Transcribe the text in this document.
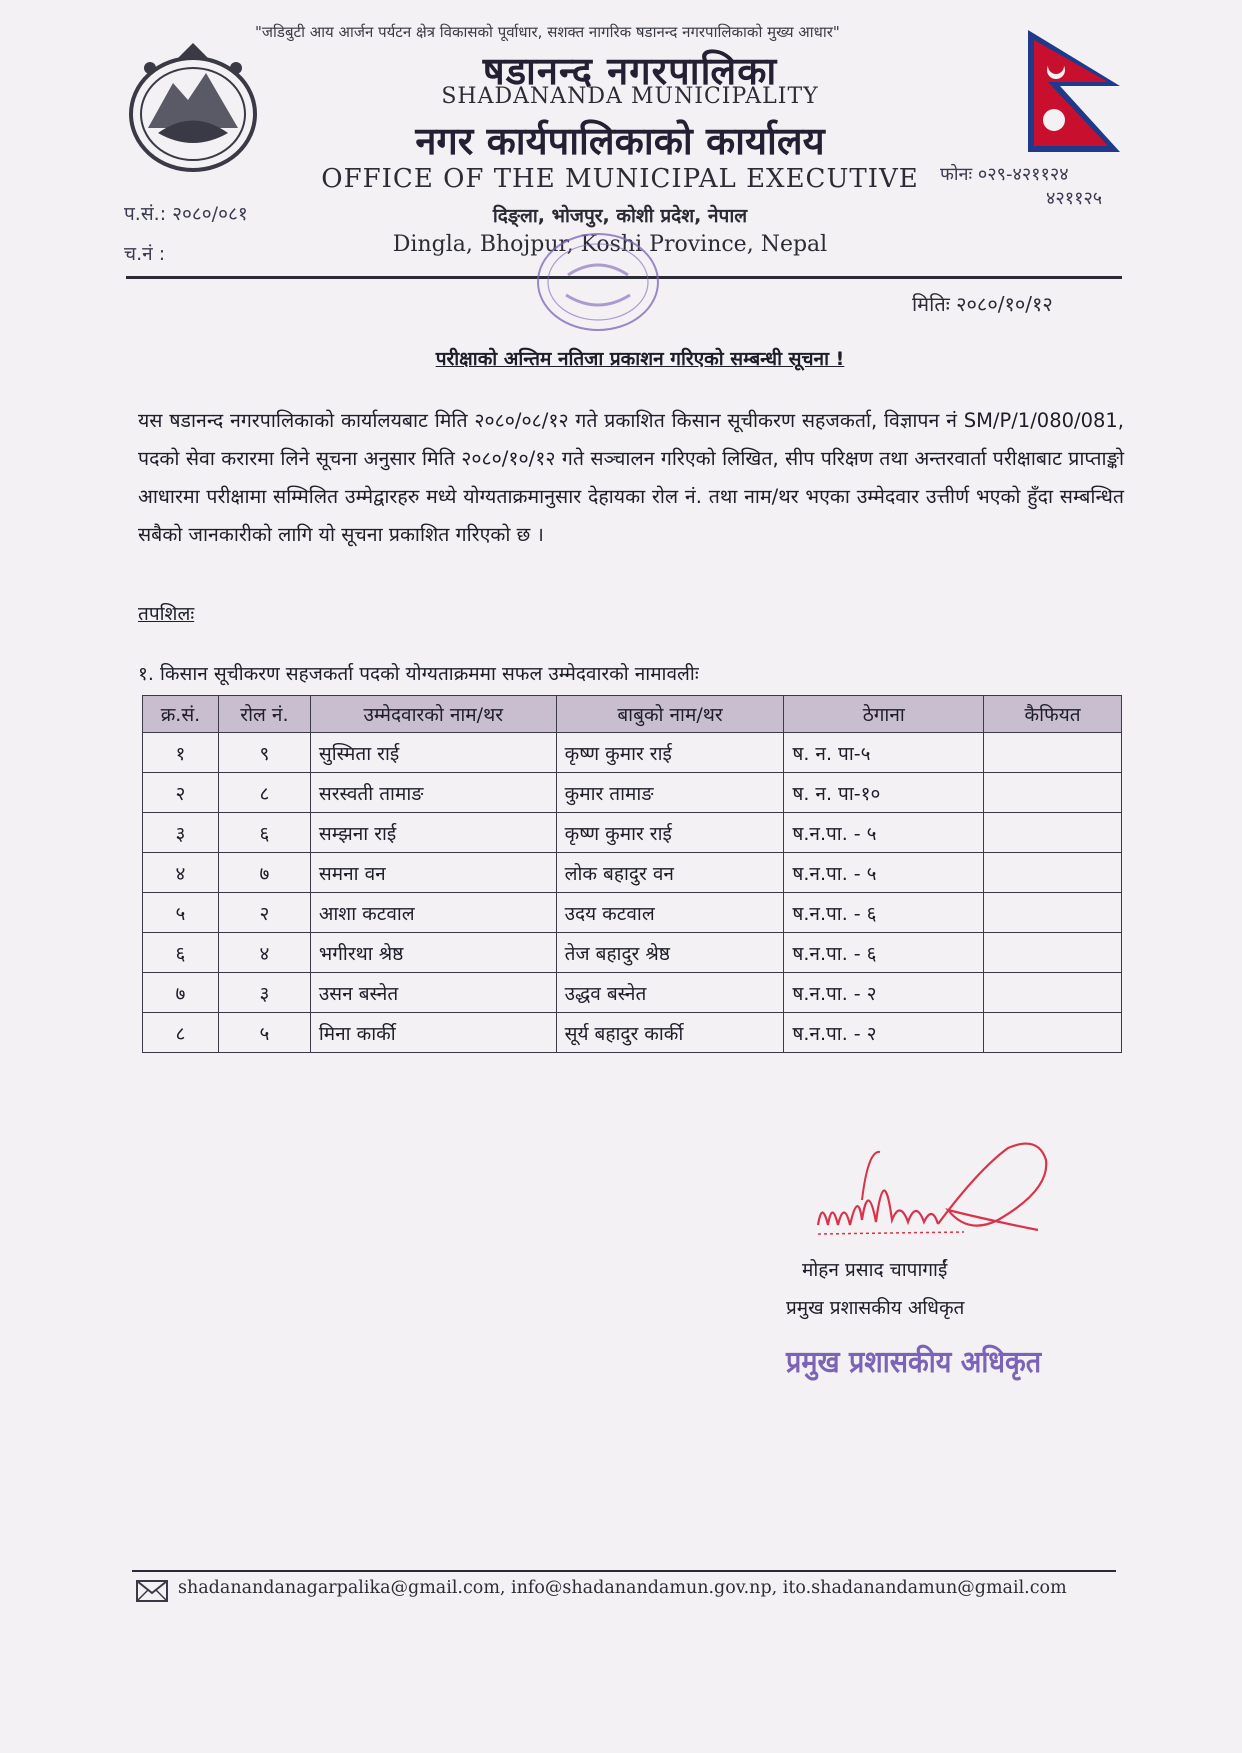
"जडिबुटी आय आर्जन पर्यटन क्षेत्र विकासको पूर्वाधार, सशक्त नागरिक षडानन्द नगरपालिकाको मुख्य आधार"
षडानन्द नगरपालिका
SHADANANDA MUNICIPALITY
नगर कार्यपालिकाको कार्यालय
OFFICE OF THE MUNICIPAL EXECUTIVE
दिङ्ला, भोजपुर, कोशी प्रदेश, नेपाल
Dingla, Bhojpur, Koshi Province, Nepal
फोनः ०२९-४२११२४
४२११२५
प.सं.: २०८०/०८१
च.नं :
मितिः २०८०/१०/१२
परीक्षाको अन्तिम नतिजा प्रकाशन गरिएको सम्बन्धी सूचना !
यस षडानन्द नगरपालिकाको कार्यालयबाट मिति २०८०/०८/१२ गते प्रकाशित किसान सूचीकरण सहजकर्ता, विज्ञापन नं SM/P/1/080/081, पदको सेवा करारमा लिने सूचना अनुसार मिति २०८०/१०/१२ गते सञ्चालन गरिएको लिखित, सीप परिक्षण तथा अन्तरवार्ता परीक्षाबाट प्राप्ताङ्को आधारमा परीक्षामा सम्मिलित उम्मेद्वारहरु मध्ये योग्यताक्रमानुसार देहायका रोल नं. तथा नाम/थर भएका उम्मेदवार उत्तीर्ण भएको हुँदा सम्बन्धित सबैको जानकारीको लागि यो सूचना प्रकाशित गरिएको छ ।
तपशिलः
१. किसान सूचीकरण सहजकर्ता पदको योग्यताक्रममा सफल उम्मेदवारको नामावलीः
क्र.सं.	रोल नं.	उम्मेदवारको नाम/थर	बाबुको नाम/थर	ठेगाना	कैफियत
१	९	सुस्मिता राई	कृष्ण कुमार राई	ष. न. पा-५	
२	८	सरस्वती तामाङ	कुमार तामाङ	ष. न. पा-१०	
३	६	सम्झना राई	कृष्ण कुमार राई	ष.न.पा. - ५	
४	७	समना वन	लोक बहादुर वन	ष.न.पा. - ५	
५	२	आशा कटवाल	उदय कटवाल	ष.न.पा. - ६	
६	४	भगीरथा श्रेष्ठ	तेज बहादुर श्रेष्ठ	ष.न.पा. - ६	
७	३	उसन बस्नेत	उद्धव बस्नेत	ष.न.पा. - २	
८	५	मिना कार्की	सूर्य बहादुर कार्की	ष.न.पा. - २	
मोहन प्रसाद चापागाईं
प्रमुख प्रशासकीय अधिकृत
प्रमुख प्रशासकीय अधिकृत
shadanandanagarpalika@gmail.com, info@shadanandamun.gov.np, ito.shadanandamun@gmail.com
